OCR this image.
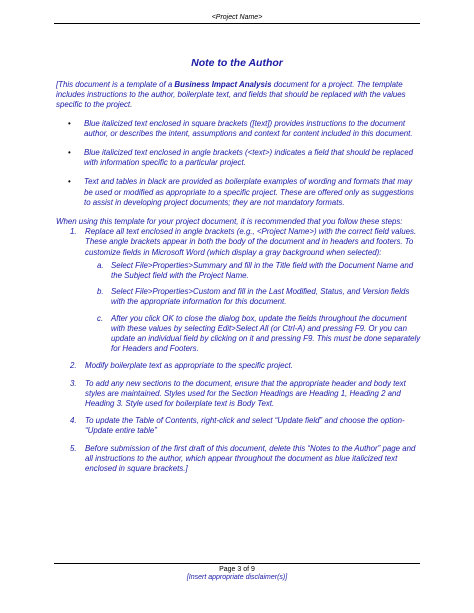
<Project Name>
Note to the Author

[This document is a template of a Business Impact Analysis document for a project. The template includes instructions to the author, boilerplate text, and fields that should be replaced with the values specific to the project.

• Blue italicized text enclosed in square brackets ([text]) provides instructions to the document author, or describes the intent, assumptions and context for content included in this document.
• Blue italicized text enclosed in angle brackets (<text>) indicates a field that should be replaced with information specific to a particular project.
• Text and tables in black are provided as boilerplate examples of wording and formats that may be used or modified as appropriate to a specific project. These are offered only as suggestions to assist in developing project documents; they are not mandatory formats.

When using this template for your project document, it is recommended that you follow these steps:

1. Replace all text enclosed in angle brackets (e.g., <Project Name>) with the correct field values. These angle brackets appear in both the body of the document and in headers and footers. To customize fields in Microsoft Word (which display a gray background when selected):
a. Select File>Properties>Summary and fill in the Title field with the Document Name and the Subject field with the Project Name.
b. Select File>Properties>Custom and fill in the Last Modified, Status, and Version fields with the appropriate information for this document.
c. After you click OK to close the dialog box, update the fields throughout the document with these values by selecting Edit>Select All (or Ctrl-A) and pressing F9. Or you can update an individual field by clicking on it and pressing F9. This must be done separately for Headers and Footers.
2. Modify boilerplate text as appropriate to the specific project.
3. To add any new sections to the document, ensure that the appropriate header and body text styles are maintained. Styles used for the Section Headings are Heading 1, Heading 2 and Heading 3. Style used for boilerplate text is Body Text.
4. To update the Table of Contents, right-click and select “Update field” and choose the option- “Update entire table”
5. Before submission of the first draft of this document, delete this “Notes to the Author” page and all instructions to the author, which appear throughout the document as blue italicized text enclosed in square brackets.]
Page 3 of 9
[Insert appropriate disclaimer(s)]
